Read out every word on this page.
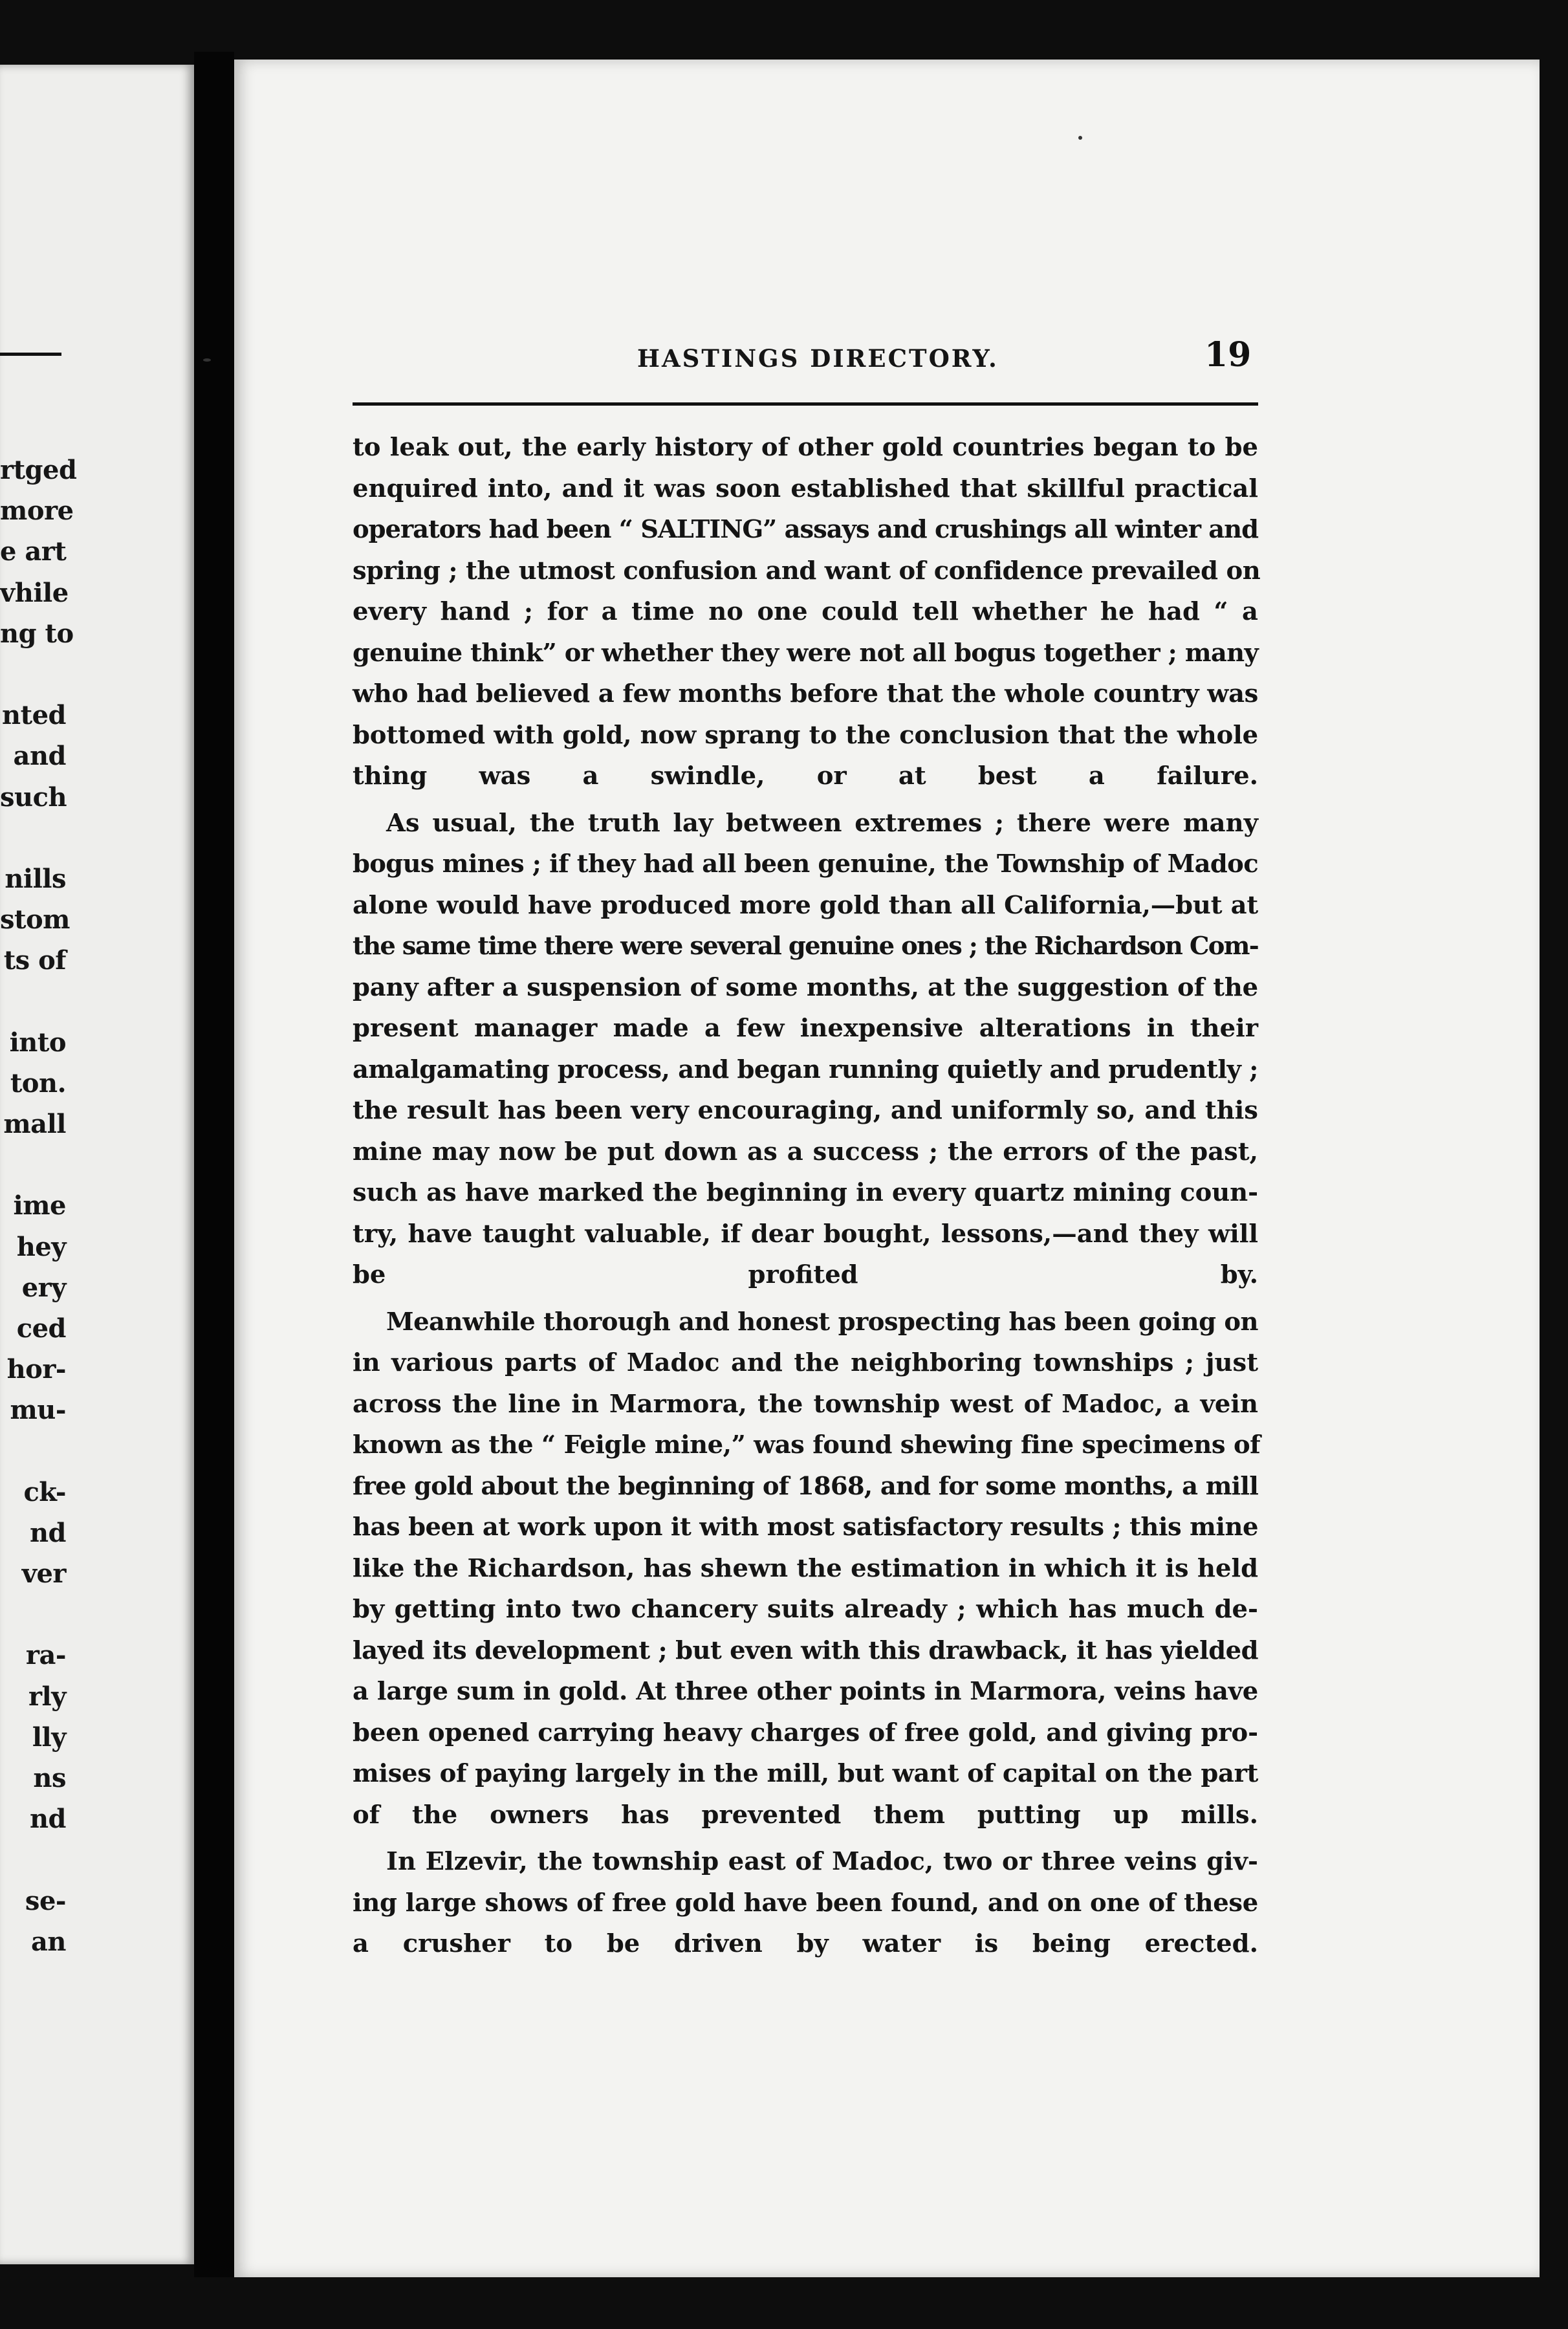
rtged
more
e art
vhile
ng to
nted
and
such
nills
stom
ts of
into
ton.
mall
ime
hey
ery
ced
hor-
mu-
ck-
nd
ver
ra-
rly
lly
ns
nd
se-
an
HASTINGS DIRECTORY.	19

to leak out, the early history of other gold countries began to be
enquired into, and it was soon established that skillful practical
operators had been “ SALTING” assays and crushings all winter and
spring ; the utmost confusion and want of confidence prevailed on
every hand ; for a time no one could tell whether he had “ a
genuine think” or whether they were not all bogus together ; many
who had believed a few months before that the whole country was
bottomed with gold, now sprang to the conclusion that the whole
thing was a swindle, or at best a failure.

As usual, the truth lay between extremes ; there were many
bogus mines ; if they had all been genuine, the Township of Madoc
alone would have produced more gold than all California,—but at
the same time there were several genuine ones ; the Richardson Com-
pany after a suspension of some months, at the suggestion of the
present manager made a few inexpensive alterations in their
amalgamating process, and began running quietly and prudently ;
the result has been very encouraging, and uniformly so, and this
mine may now be put down as a success ; the errors of the past,
such as have marked the beginning in every quartz mining coun-
try, have taught valuable, if dear bought, lessons,—and they will
be profited by.

Meanwhile thorough and honest prospecting has been going on
in various parts of Madoc and the neighboring townships ; just
across the line in Marmora, the township west of Madoc, a vein
known as the “ Feigle mine,” was found shewing fine specimens of
free gold about the beginning of 1868, and for some months, a mill
has been at work upon it with most satisfactory results ; this mine
like the Richardson, has shewn the estimation in which it is held
by getting into two chancery suits already ; which has much de-
layed its development ; but even with this drawback, it has yielded
a large sum in gold. At three other points in Marmora, veins have
been opened carrying heavy charges of free gold, and giving pro-
mises of paying largely in the mill, but want of capital on the part
of the owners has prevented them putting up mills.

In Elzevir, the township east of Madoc, two or three veins giv-
ing large shows of free gold have been found, and on one of these
a crusher to be driven by water is being erected.
